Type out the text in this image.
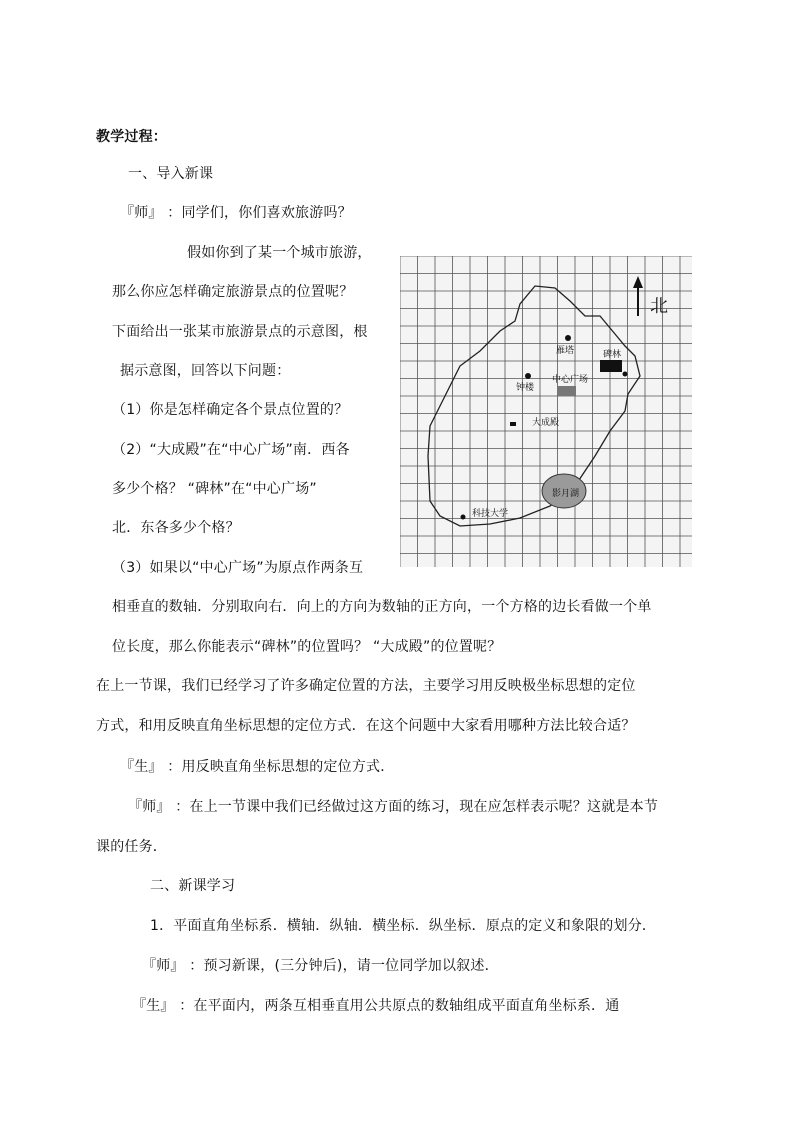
教学过程：
一、导入新课
『师』 ：同学们，你们喜欢旅游吗？
假如你到了某一个城市旅游，
那么你应怎样确定旅游景点的位置呢？
下面给出一张某市旅游景点的示意图，根
据示意图，回答以下问题：
（1）你是怎样确定各个景点位置的？
（2）“大成殿”在“中心广场”南．西各
多少个格？ “碑林”在“中心广场”
北．东各多少个格？
（3）如果以“中心广场”为原点作两条互
相垂直的数轴．分别取向右．向上的方向为数轴的正方向，一个方格的边长看做一个单
位长度，那么你能表示“碑林”的位置吗？ “大成殿”的位置呢？
在上一节课，我们已经学习了许多确定位置的方法，主要学习用反映极坐标思想的定位
方式，和用反映直角坐标思想的定位方式．在这个问题中大家看用哪种方法比较合适？
『生』 ：用反映直角坐标思想的定位方式．
『师』 ：在上一节课中我们已经做过这方面的练习，现在应怎样表示呢？这就是本节
课的任务．
二、新课学习
1．平面直角坐标系．横轴．纵轴．横坐标．纵坐标．原点的定义和象限的划分．
『师』 ：预习新课，(三分钟后)，请一位同学加以叙述．
『生』 ：在平面内，两条互相垂直用公共原点的数轴组成平面直角坐标系．通
北
雁塔	碑林
钟楼
中心广场
大成殿
影月湖
科技大学
